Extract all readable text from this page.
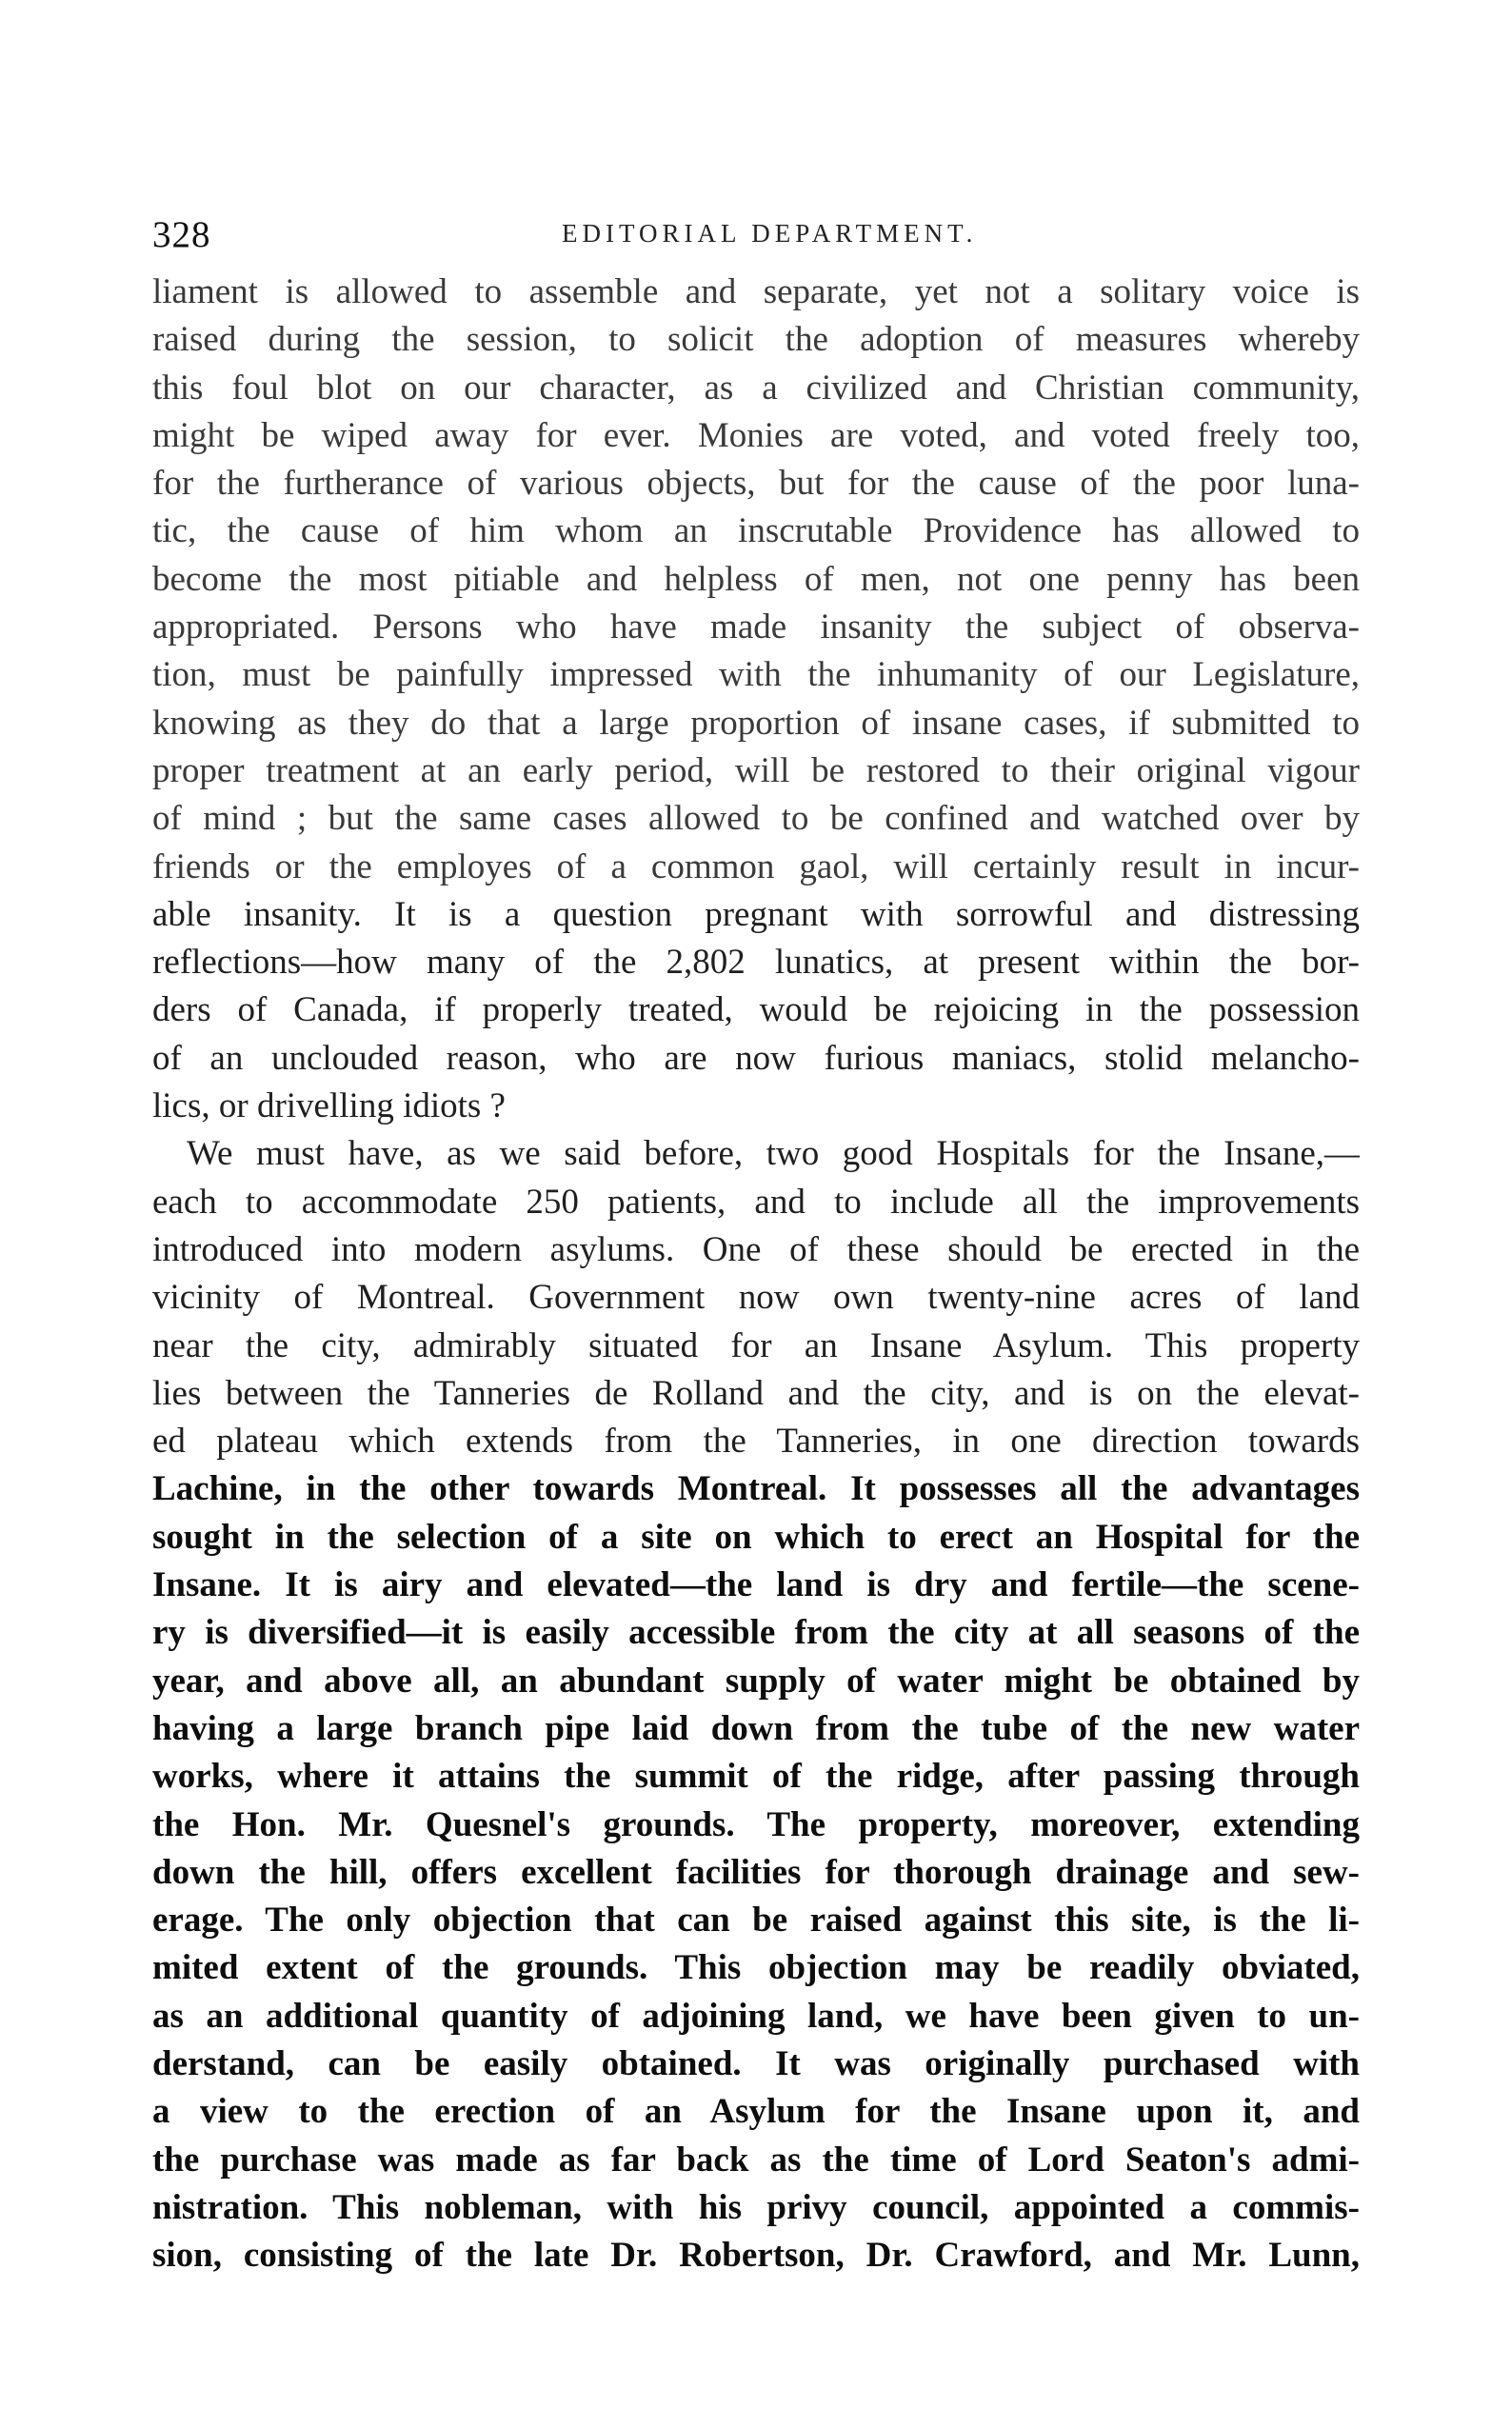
328	EDITORIAL DEPARTMENT.
liament is allowed to assemble and separate, yet not a solitary voice is
raised during the session, to solicit the adoption of measures whereby
this foul blot on our character, as a civilized and Christian community,
might be wiped away for ever. Monies are voted, and voted freely too,
for the furtherance of various objects, but for the cause of the poor luna-
tic, the cause of him whom an inscrutable Providence has allowed to
become the most pitiable and helpless of men, not one penny has been
appropriated. Persons who have made insanity the subject of observa-
tion, must be painfully impressed with the inhumanity of our Legislature,
knowing as they do that a large proportion of insane cases, if submitted to
proper treatment at an early period, will be restored to their original vigour
of mind ; but the same cases allowed to be confined and watched over by
friends or the employes of a common gaol, will certainly result in incur-
able insanity. It is a question pregnant with sorrowful and distressing
reflections—how many of the 2,802 lunatics, at present within the bor-
ders of Canada, if properly treated, would be rejoicing in the possession
of an unclouded reason, who are now furious maniacs, stolid melancho-
lics, or drivelling idiots ?
We must have, as we said before, two good Hospitals for the Insane,—
each to accommodate 250 patients, and to include all the improvements
introduced into modern asylums. One of these should be erected in the
vicinity of Montreal. Government now own twenty-nine acres of land
near the city, admirably situated for an Insane Asylum. This property
lies between the Tanneries de Rolland and the city, and is on the elevat-
ed plateau which extends from the Tanneries, in one direction towards
Lachine, in the other towards Montreal. It possesses all the advantages
sought in the selection of a site on which to erect an Hospital for the
Insane. It is airy and elevated—the land is dry and fertile—the scene-
ry is diversified—it is easily accessible from the city at all seasons of the
year, and above all, an abundant supply of water might be obtained by
having a large branch pipe laid down from the tube of the new water
works, where it attains the summit of the ridge, after passing through
the Hon. Mr. Quesnel's grounds. The property, moreover, extending
down the hill, offers excellent facilities for thorough drainage and sew-
erage. The only objection that can be raised against this site, is the li-
mited extent of the grounds. This objection may be readily obviated,
as an additional quantity of adjoining land, we have been given to un-
derstand, can be easily obtained. It was originally purchased with
a view to the erection of an Asylum for the Insane upon it, and
the purchase was made as far back as the time of Lord Seaton's admi-
nistration. This nobleman, with his privy council, appointed a commis-
sion, consisting of the late Dr. Robertson, Dr. Crawford, and Mr. Lunn,
